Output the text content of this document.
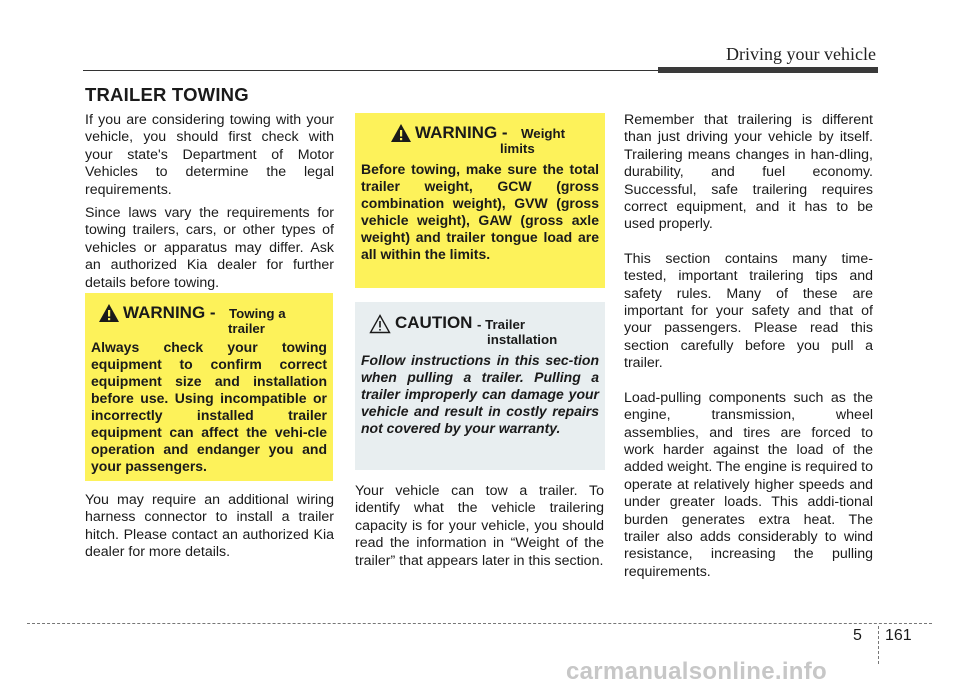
Driving your vehicle
TRAILER TOWING

If you are considering towing with your vehicle, you should first check with your state's Department of Motor Vehicles to determine the legal requirements.

Since laws vary the requirements for towing trailers, cars, or other types of vehicles or apparatus may differ. Ask an authorized Kia dealer for further details before towing.

WARNING - Towing a
trailer
Always check your towing equipment to confirm correct equipment size and installation before use. Using incompatible or incorrectly installed trailer equipment can affect the vehi-cle operation and endanger you and your passengers.

You may require an additional wiring harness connector to install a trailer hitch. Please contact an authorized Kia dealer for more details.

WARNING - Weight
limits
Before towing, make sure the total trailer weight, GCW (gross combination weight), GVW (gross vehicle weight), GAW (gross axle weight) and trailer tongue load are all within the limits.
CAUTION - Trailer
installation
Follow instructions in this sec-tion when pulling a trailer. Pulling a trailer improperly can damage your vehicle and result in costly repairs not covered by your warranty.

Your vehicle can tow a trailer. To identify what the vehicle trailering capacity is for your vehicle, you should read the information in “Weight of the trailer” that appears later in this section.

Remember that trailering is different than just driving your vehicle by itself. Trailering means changes in han-dling, durability, and fuel economy. Successful, safe trailering requires correct equipment, and it has to be used properly.

This section contains many time-tested, important trailering tips and safety rules. Many of these are important for your safety and that of your passengers. Please read this section carefully before you pull a trailer.

Load-pulling components such as the engine, transmission, wheel assemblies, and tires are forced to work harder against the load of the added weight. The engine is required to operate at relatively higher speeds and under greater loads. This addi-tional burden generates extra heat. The trailer also adds considerably to wind resistance, increasing the pulling requirements.

5 161
carmanualsonline.info
